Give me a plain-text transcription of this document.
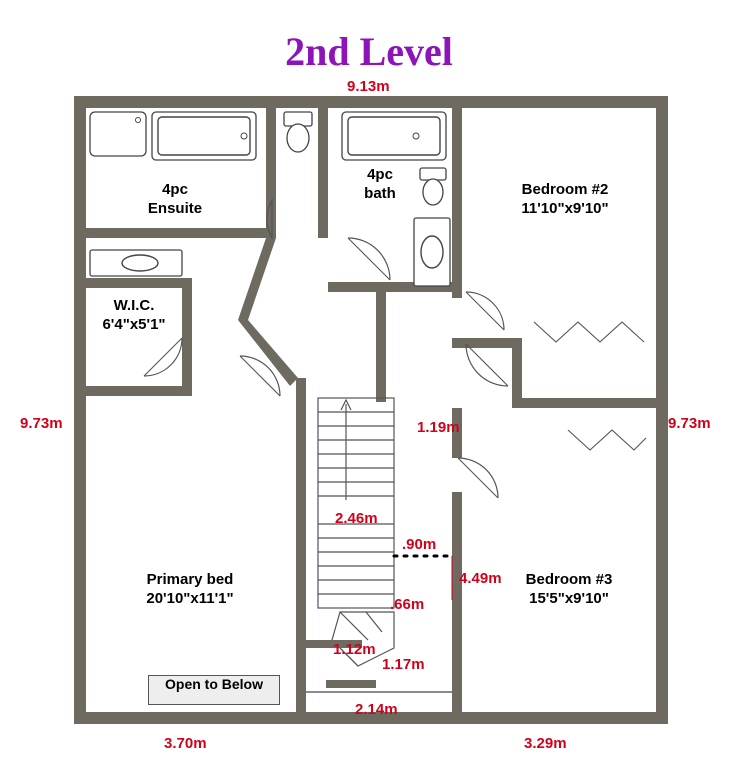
2nd Level
Open to Below
9.13m
9.73m	9.73m
3.70m	3.29m
1.19m
2.46m
.90m
.66m
1.12m
1.17m
2.14m
4.49m
4pc
Ensuite
4pc
bath	Bedroom #2
11'10"x9'10"
W.I.C.
6'4"x5'1"
Primary bed
20'10"x11'1"
Bedroom #3
15'5"x9'10"
